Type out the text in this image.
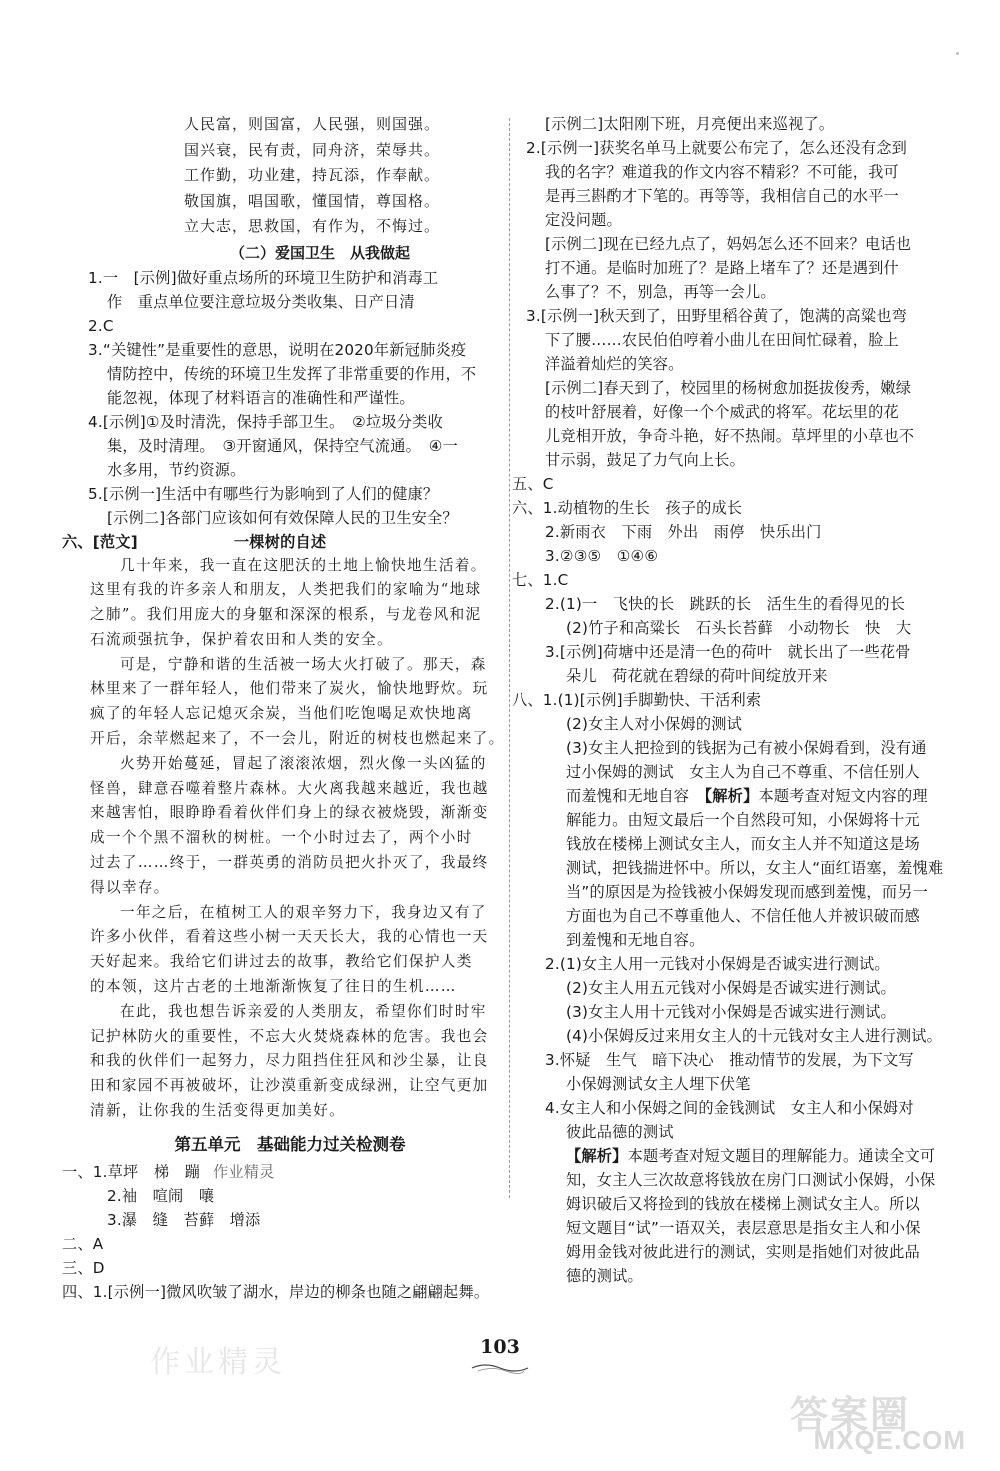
人民富，则国富，人民强，则国强。
国兴衰，民有责，同舟济，荣辱共。
工作勤，功业建，持瓦添，作奉献。
敬国旗，唱国歌，懂国情，尊国格。
立大志，思救国，有作为，不悔过。
（二）爱国卫生　从我做起
1.一　[示例]做好重点场所的环境卫生防护和消毒工
作　重点单位要注意垃圾分类收集、日产日清
2.C
3.“关键性”是重要性的意思，说明在2020年新冠肺炎疫
情防控中，传统的环境卫生发挥了非常重要的作用，不
能忽视，体现了材料语言的准确性和严谨性。
4.[示例]①及时清洗，保持手部卫生。　②垃圾分类收
集，及时清理。　③开窗通风，保持空气流通。　④一
水多用，节约资源。
5.[示例一]生活中有哪些行为影响到了人们的健康？
[示例二]各部门应该如何有效保障人民的卫生安全？
六、[范文]	一棵树的自述
几十年来，我一直在这肥沃的土地上愉快地生活着。
这里有我的许多亲人和朋友，人类把我们的家喻为“地球
之肺”。我们用庞大的身躯和深深的根系，与龙卷风和泥
石流顽强抗争，保护着农田和人类的安全。
可是，宁静和谐的生活被一场大火打破了。那天，森
林里来了一群年轻人，他们带来了炭火，愉快地野炊。玩
疯了的年轻人忘记熄灭余炭，当他们吃饱喝足欢快地离
开后，余苹燃起来了，不一会儿，附近的树枝也燃起来了。
火势开始蔓延，冒起了滚滚浓烟，烈火像一头凶猛的
怪兽，肆意吞噬着整片森林。大火离我越来越近，我也越
来越害怕，眼睁睁看着伙伴们身上的绿衣被烧毁，渐渐变
成一个个黑不溜秋的树桩。一个小时过去了，两个小时
过去了……终于，一群英勇的消防员把火扑灭了，我最终
得以幸存。
一年之后，在植树工人的艰辛努力下，我身边又有了
许多小伙伴，看着这些小树一天天长大，我的心情也一天
天好起来。我给它们讲过去的故事，教给它们保护人类
的本领，这片古老的土地渐渐恢复了往日的生机……
在此，我也想告诉亲爱的人类朋友，希望你们时时牢
记护林防火的重要性，不忘大火焚烧森林的危害。我也会
和我的伙伴们一起努力，尽力阻挡住狂风和沙尘暴，让良
田和家园不再被破坏，让沙漠重新变成绿洲，让空气更加
清新，让你我的生活变得更加美好。
第五单元　基础能力过关检测卷
一、1.草坪　梯　蹦 作业精灵
2.袖　喧闹　嚷
3.瀑　缝　苔藓　增添
二、A
三、D
四、1.[示例一]微风吹皱了湖水，岸边的柳条也随之翩翩起舞。
[示例二]太阳刚下班，月亮便出来巡视了。
2.[示例一]获奖名单马上就要公布完了，怎么还没有念到
我的名字？难道我的作文内容不精彩？不可能，我可
是再三斟酌才下笔的。再等等，我相信自己的水平一
定没问题。
[示例二]现在已经九点了，妈妈怎么还不回来？电话也
打不通。是临时加班了？是路上堵车了？还是遇到什
么事了？不，别急，再等一会儿。
3.[示例一]秋天到了，田野里稻谷黄了，饱满的高粱也弯
下了腰……农民伯伯哼着小曲儿在田间忙碌着，脸上
洋溢着灿烂的笑容。
[示例二]春天到了，校园里的杨树愈加挺拔俊秀，嫩绿
的枝叶舒展着，好像一个个威武的将军。花坛里的花
儿竞相开放，争奇斗艳，好不热闹。草坪里的小草也不
甘示弱，鼓足了力气向上长。
五、C
六、1.动植物的生长　孩子的成长
2.新雨衣　下雨　外出　雨停　快乐出门
3.②③⑤　①④⑥
七、1.C
2.(1)一　飞快的长　跳跃的长　活生生的看得见的长
(2)竹子和高粱长　石头长苔藓　小动物长　快　大
3.[示例]荷塘中还是清一色的荷叶　就长出了一些花骨
朵儿　荷花就在碧绿的荷叶间绽放开来
八、1.(1)[示例]手脚勤快、干活利索
(2)女主人对小保姆的测试
(3)女主人把捡到的钱据为己有被小保姆看到，没有通
过小保姆的测试　女主人为自己不尊重、不信任别人
而羞愧和无地自容　【解析】本题考查对短文内容的理
解能力。由短文最后一个自然段可知，小保姆将十元
钱放在楼梯上测试女主人，而女主人并不知道这是场
测试，把钱揣进怀中。所以，女主人“面红语塞，羞愧难
当”的原因是为捡钱被小保姆发现而感到羞愧，而另一
方面也为自己不尊重他人、不信任他人并被识破而感
到羞愧和无地自容。
2.(1)女主人用一元钱对小保姆是否诚实进行测试。
(2)女主人用五元钱对小保姆是否诚实进行测试。
(3)女主人用十元钱对小保姆是否诚实进行测试。
(4)小保姆反过来用女主人的十元钱对女主人进行测试。
3.怀疑　生气　暗下决心　推动情节的发展，为下文写
小保姆测试女主人埋下伏笔
4.女主人和小保姆之间的金钱测试　女主人和小保姆对
彼此品德的测试
【解析】本题考查对短文题目的理解能力。通读全文可
知，女主人三次故意将钱放在房门口测试小保姆，小保
姆识破后又将捡到的钱放在楼梯上测试女主人。所以
短文题目“试”一语双关，表层意思是指女主人和小保
姆用金钱对彼此进行的测试，实则是指她们对彼此品
德的测试。
作业精灵	103
答案圈
MXQE.COM
